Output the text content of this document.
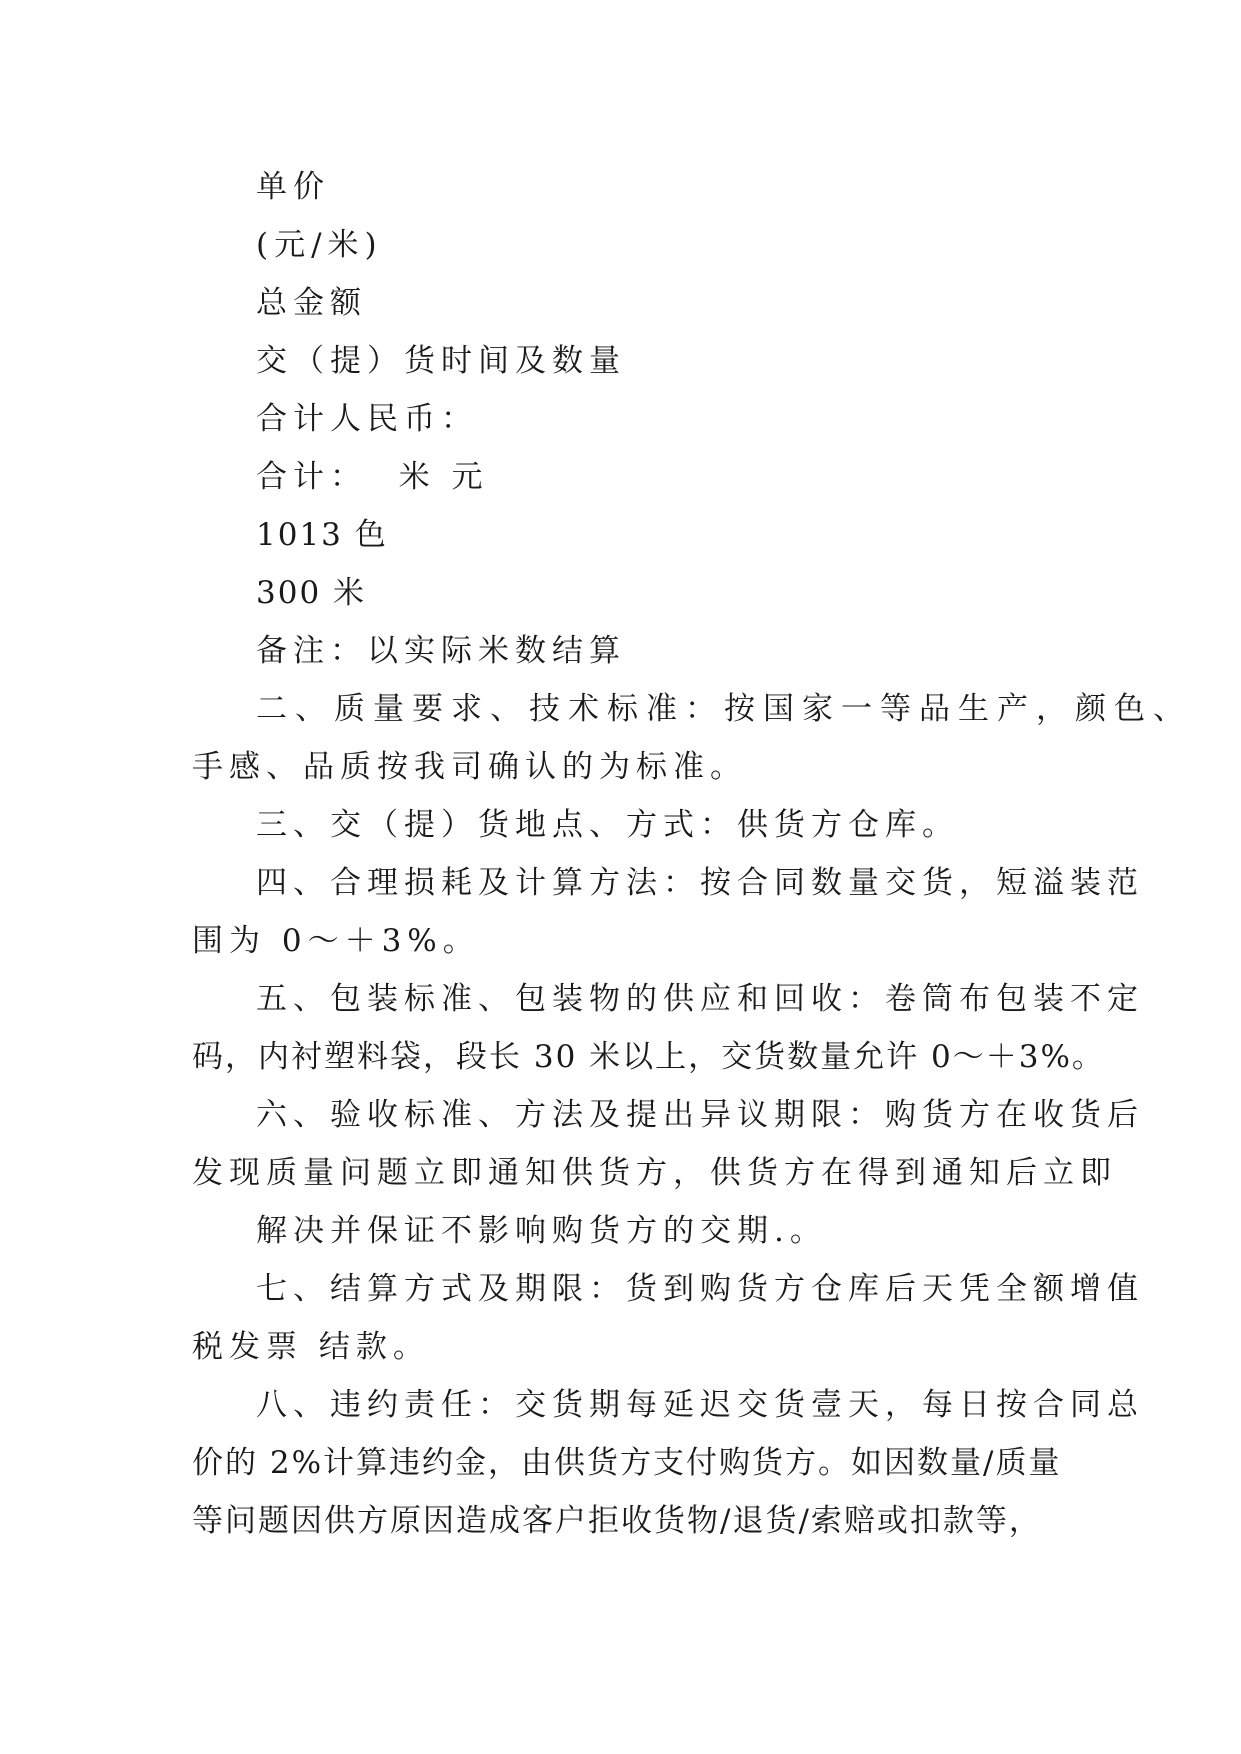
单价
(元/米)
总金额
交（提）货时间及数量
合计人民币：
合计：  米 元
1013 色
300 米
备注：以实际米数结算
二、质量要求、技术标准：按国家一等品生产，颜色、
手感、品质按我司确认的为标准。
三、交（提）货地点、方式：供货方仓库。
四、合理损耗及计算方法：按合同数量交货，短溢装范
围为 0～＋3%。
五、包装标准、包装物的供应和回收：卷筒布包装不定
码，内衬塑料袋，段长 30 米以上，交货数量允许 0～＋3%。
六、验收标准、方法及提出异议期限：购货方在收货后
发现质量问题立即通知供货方，供货方在得到通知后立即
解决并保证不影响购货方的交期.。
七、结算方式及期限：货到购货方仓库后天凭全额增值
税发票 结款。
八、违约责任：交货期每延迟交货壹天，每日按合同总
价的 2%计算违约金，由供货方支付购货方。如因数量/质量
等问题因供方原因造成客户拒收货物/退货/索赔或扣款等，
